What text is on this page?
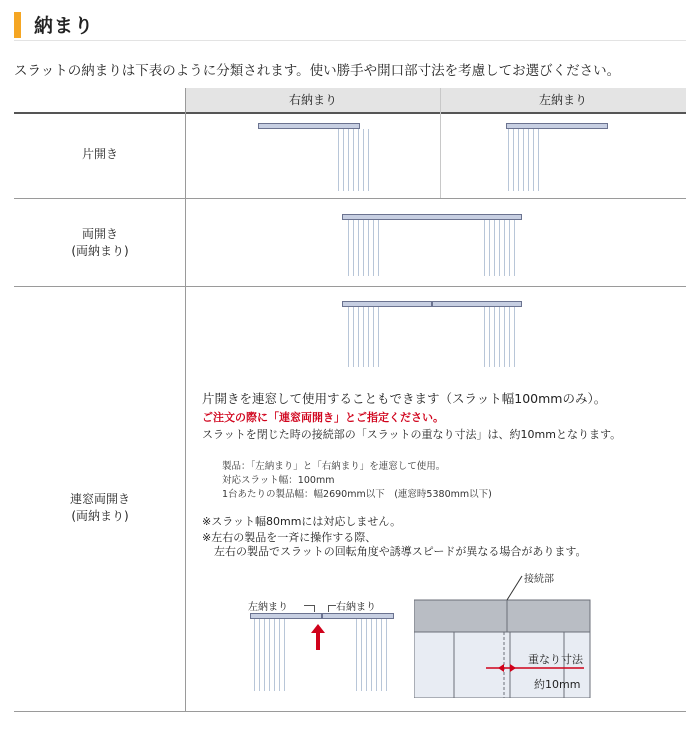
納まり
スラットの納まりは下表のように分類されます。使い勝手や開口部寸法を考慮してお選びください。
右納まり	左納まり
片開き
両開き
(両納まり)
連窓両開き
(両納まり)
片開きを連窓して使用することもできます（スラット幅100mmのみ）。
ご注文の際に「連窓両開き」とご指定ください。
スラットを閉じた時の接続部の「スラットの重なり寸法」は、約10mmとなります。
製品：「左納まり」と「右納まり」を連窓して使用。
対応スラット幅：100mm
1台あたりの製品幅：幅2690mm以下　(連窓時5380mm以下)
※スラット幅80mmには対応しません。
※左右の製品を一斉に操作する際、
左右の製品でスラットの回転角度や誘導スピードが異なる場合があります。
左納まり	右納まり
接続部
重なり寸法
約10mm
